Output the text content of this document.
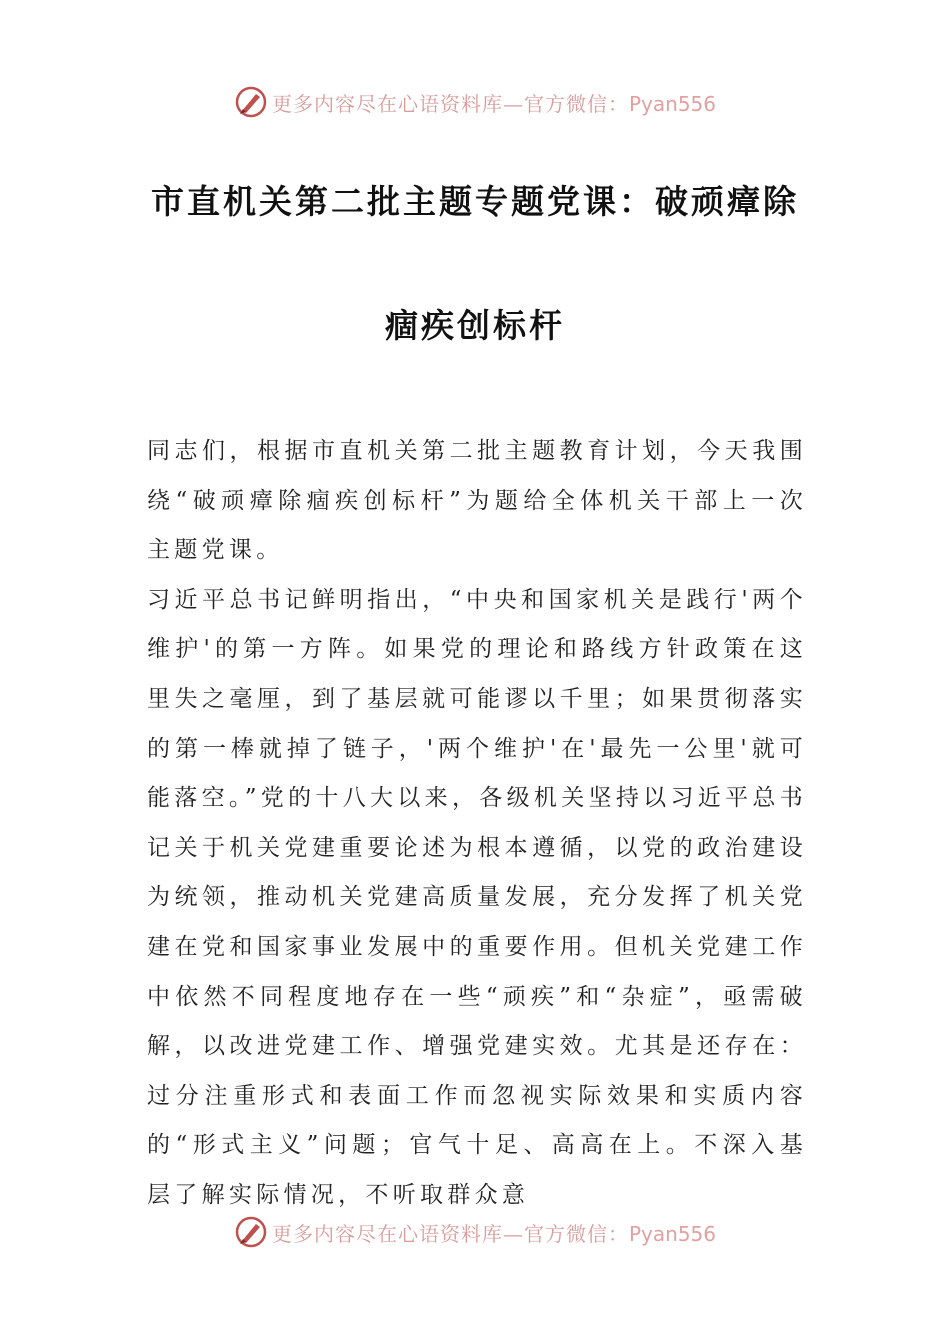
更多内容尽在心语资料库—官方微信：Pyan556
市直机关第二批主题专题党课：破顽瘴除
痼疾创标杆

同志们，根据市直机关第二批主题教育计划，今天我围绕“破顽瘴除痼疾创标杆”为题给全体机关干部上一次主题党课。

习近平总书记鲜明指出，“中央和国家机关是践行'两个维护'的第一方阵。如果党的理论和路线方针政策在这里失之毫厘，到了基层就可能谬以千里；如果贯彻落实的第一棒就掉了链子，'两个维护'在'最先一公里'就可能落空。”党的十八大以来，各级机关坚持以习近平总书记关于机关党建重要论述为根本遵循，以党的政治建设为统领，推动机关党建高质量发展，充分发挥了机关党建在党和国家事业发展中的重要作用。但机关党建工作中依然不同程度地存在一些“顽疾”和“杂症”，亟需破解，以改进党建工作、增强党建实效。尤其是还存在：过分注重形式和表面工作而忽视实际效果和实质内容的“形式主义”问题；官气十足、高高在上。不深入基层了解实际情况，不听取群众意

更多内容尽在心语资料库—官方微信：Pyan556
